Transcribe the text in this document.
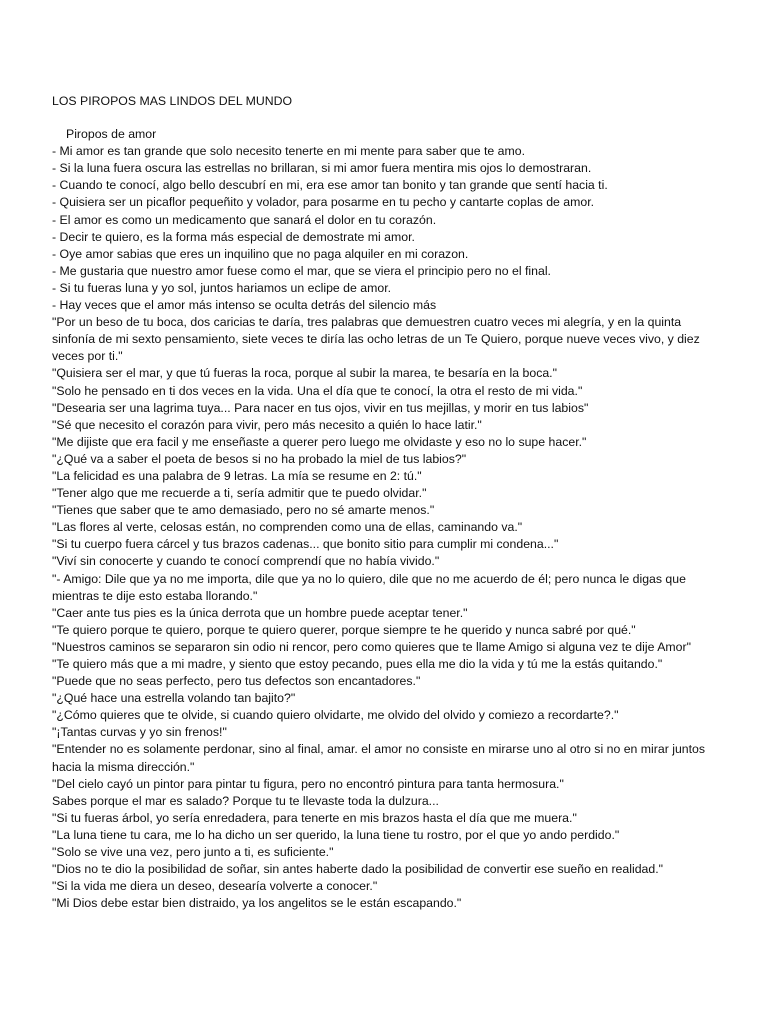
LOS PIROPOS MAS LINDOS DEL MUNDO

Piropos de amor

- Mi amor es tan grande que solo necesito tenerte en mi mente para saber que te amo.

- Si la luna fuera oscura las estrellas no brillaran, si mi amor fuera mentira mis ojos lo demostraran.

- Cuando te conocí, algo bello descubrí en mi, era ese amor tan bonito y tan grande que sentí hacia ti.

- Quisiera ser un picaflor pequeñito y volador, para posarme en tu pecho y cantarte coplas de amor.

- El amor es como un medicamento que sanará el dolor en tu corazón.

- Decir te quiero, es la forma más especial de demostrate mi amor.

- Oye amor sabias que eres un inquilino que no paga alquiler en mi corazon.

- Me gustaria que nuestro amor fuese como el mar, que se viera el principio pero no el final.

- Si tu fueras luna y yo sol, juntos hariamos un eclipe de amor.

- Hay veces que el amor más intenso se oculta detrás del silencio más

"Por un beso de tu boca, dos caricias te daría, tres palabras que demuestren cuatro veces mi alegría, y en la quinta sinfonía de mi sexto pensamiento, siete veces te diría las ocho letras de un Te Quiero, porque nueve veces vivo, y diez veces por ti."

"Quisiera ser el mar, y que tú fueras la roca, porque al subir la marea, te besaría en la boca."

"Solo he pensado en ti dos veces en la vida. Una el día que te conocí, la otra el resto de mi vida."

"Desearia ser una lagrima tuya... Para nacer en tus ojos, vivir en tus mejillas, y morir en tus labios"

"Sé que necesito el corazón para vivir, pero más necesito a quién lo hace latir."

"Me dijiste que era facil y me enseñaste a querer pero luego me olvidaste y eso no lo supe hacer."

"¿Qué va a saber el poeta de besos si no ha probado la miel de tus labios?"

"La felicidad es una palabra de 9 letras. La mía se resume en 2: tú."

"Tener algo que me recuerde a ti, sería admitir que te puedo olvidar."

"Tienes que saber que te amo demasiado, pero no sé amarte menos."

"Las flores al verte, celosas están, no comprenden como una de ellas, caminando va."

"Si tu cuerpo fuera cárcel y tus brazos cadenas... que bonito sitio para cumplir mi condena..."

"Viví sin conocerte y cuando te conocí comprendí que no había vivido."

"- Amigo: Dile que ya no me importa, dile que ya no lo quiero, dile que no me acuerdo de él; pero nunca le digas que mientras te dije esto estaba llorando."

"Caer ante tus pies es la única derrota que un hombre puede aceptar tener."

"Te quiero porque te quiero, porque te quiero querer, porque siempre te he querido y nunca sabré por qué."

"Nuestros caminos se separaron sin odio ni rencor, pero como quieres que te llame Amigo si alguna vez te dije Amor"

"Te quiero más que a mi madre, y siento que estoy pecando, pues ella me dio la vida y tú me la estás quitando."

"Puede que no seas perfecto, pero tus defectos son encantadores."

"¿Qué hace una estrella volando tan bajito?"

"¿Cómo quieres que te olvide, si cuando quiero olvidarte, me olvido del olvido y comiezo a recordarte?."

"¡Tantas curvas y yo sin frenos!"

"Entender no es solamente perdonar, sino al final, amar. el amor no consiste en mirarse uno al otro si no en mirar juntos hacia la misma dirección."

"Del cielo cayó un pintor para pintar tu figura, pero no encontró pintura para tanta hermosura."

Sabes porque el mar es salado? Porque tu te llevaste toda la dulzura...

"Si tu fueras árbol, yo sería enredadera, para tenerte en mis brazos hasta el día que me muera."

"La luna tiene tu cara, me lo ha dicho un ser querido, la luna tiene tu rostro, por el que yo ando perdido."

"Solo se vive una vez, pero junto a ti, es suficiente."

"Dios no te dio la posibilidad de soñar, sin antes haberte dado la posibilidad de convertir ese sueño en realidad."

"Si la vida me diera un deseo, desearía volverte a conocer."

"Mi Dios debe estar bien distraido, ya los angelitos se le están escapando."
